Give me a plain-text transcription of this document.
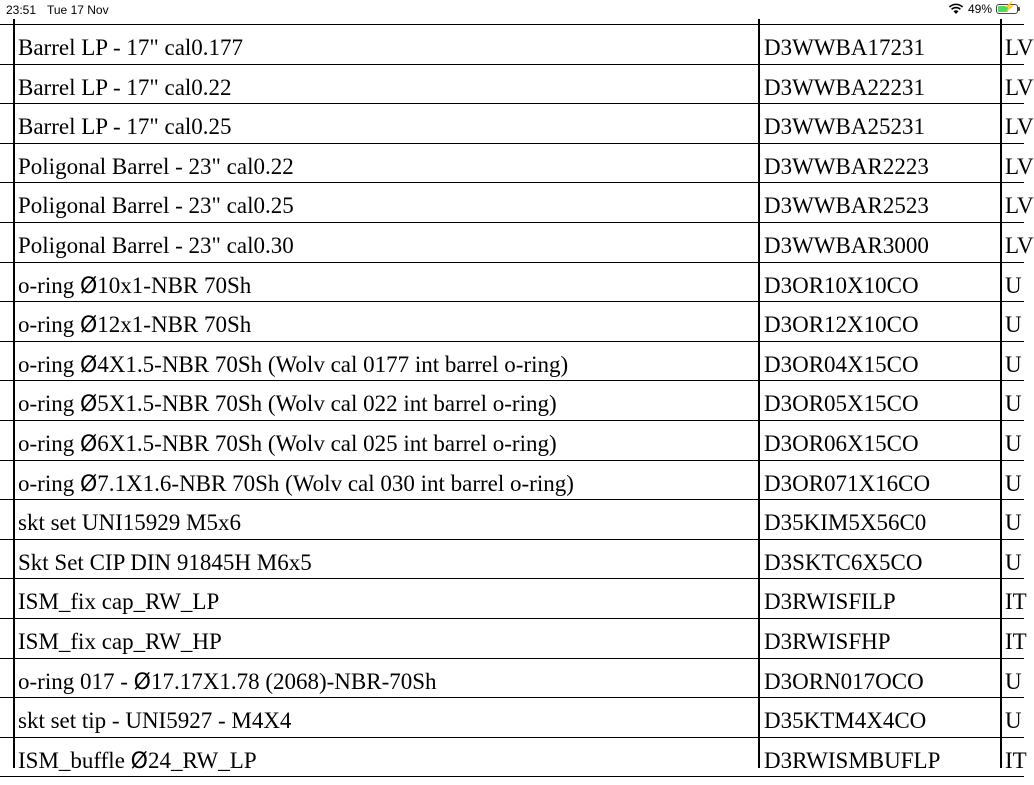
Barrel LP - 17" cal0.177	D3WWBA17231	LV
Barrel LP - 17" cal0.22	D3WWBA22231	LV
Barrel LP - 17" cal0.25	D3WWBA25231	LV
Poligonal Barrel - 23" cal0.22	D3WWBAR2223	LV
Poligonal Barrel - 23" cal0.25	D3WWBAR2523	LV
Poligonal Barrel - 23" cal0.30	D3WWBAR3000	LV
o-ring Ø10x1-NBR 70Sh	D3OR10X10CO	U
o-ring Ø12x1-NBR 70Sh	D3OR12X10CO	U
o-ring Ø4X1.5-NBR 70Sh (Wolv cal 0177 int barrel o-ring)	D3OR04X15CO	U
o-ring Ø5X1.5-NBR 70Sh (Wolv cal 022 int barrel o-ring)	D3OR05X15CO	U
o-ring Ø6X1.5-NBR 70Sh (Wolv cal 025 int barrel o-ring)	D3OR06X15CO	U
o-ring Ø7.1X1.6-NBR 70Sh (Wolv cal 030 int barrel o-ring)	D3OR071X16CO	U
skt set UNI15929 M5x6	D35KIM5X56C0	U
Skt Set CIP DIN 91845H M6x5	D3SKTC6X5CO	U
ISM_fix cap_RW_LP	D3RWISFILP	IT
ISM_fix cap_RW_HP	D3RWISFHP	IT
o-ring 017 - Ø17.17X1.78 (2068)-NBR-70Sh	D3ORN017OCO	U
skt set tip - UNI5927 - M4X4	D35KTM4X4CO	U
ISM_buffle Ø24_RW_LP	D3RWISMBUFLP	IT
23:51 Tue 17 Nov	49% ⚡
